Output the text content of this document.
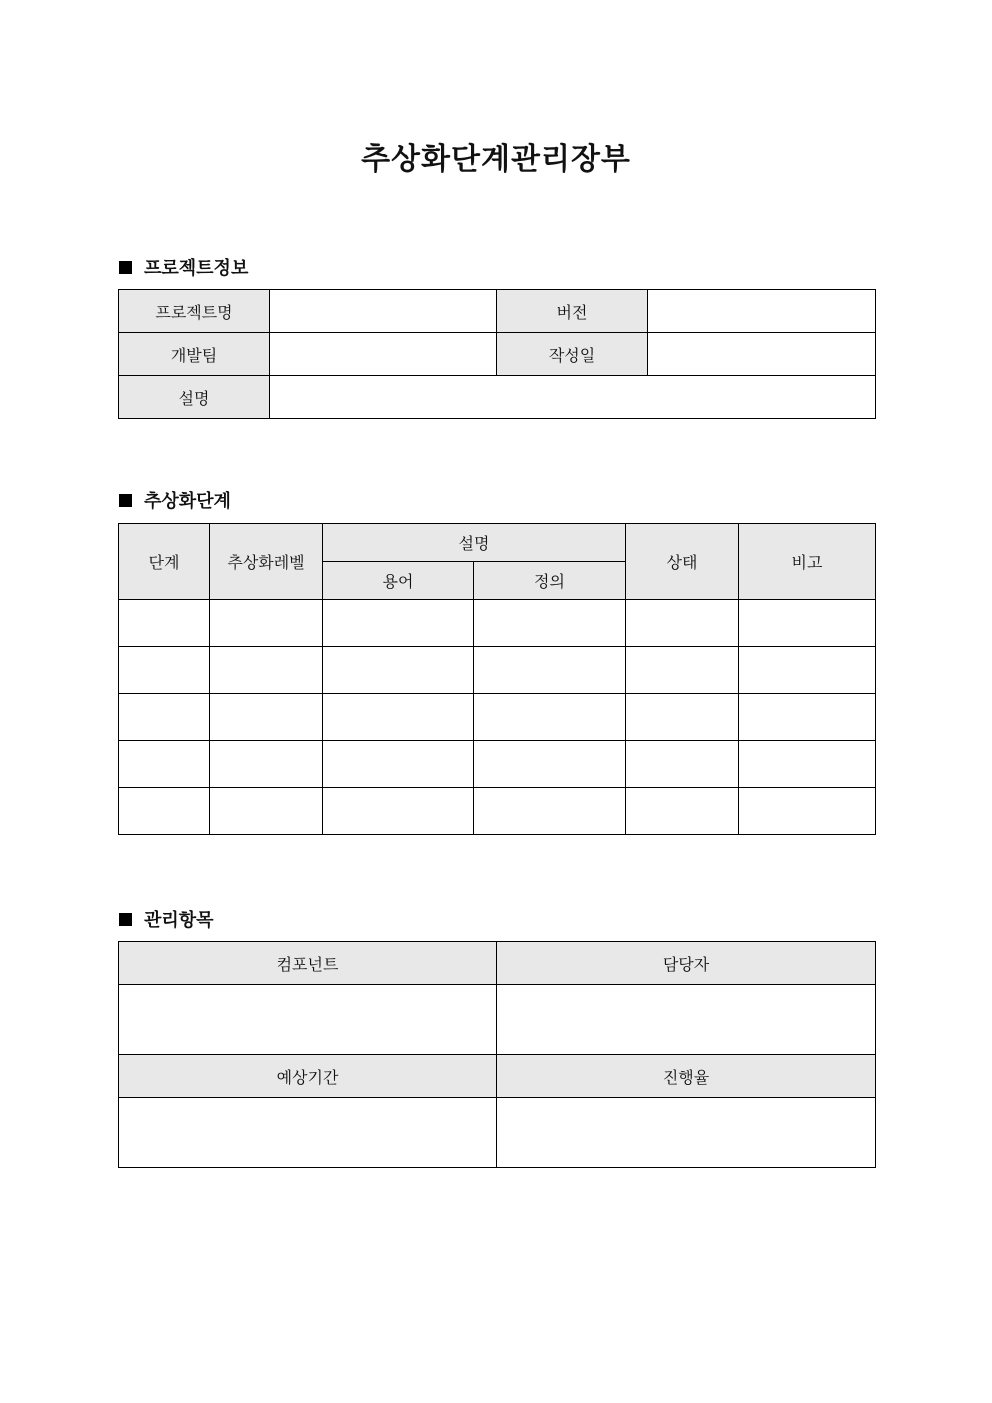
추상화단계관리장부
프로젝트정보
프로젝트명		버전	
개발팀		작성일	
설명			
추상화단계
단계	추상화레벨	설명		상태	비고
		용어	정의		

관리항목
컴포넌트	담당자

예상기간	진행율
